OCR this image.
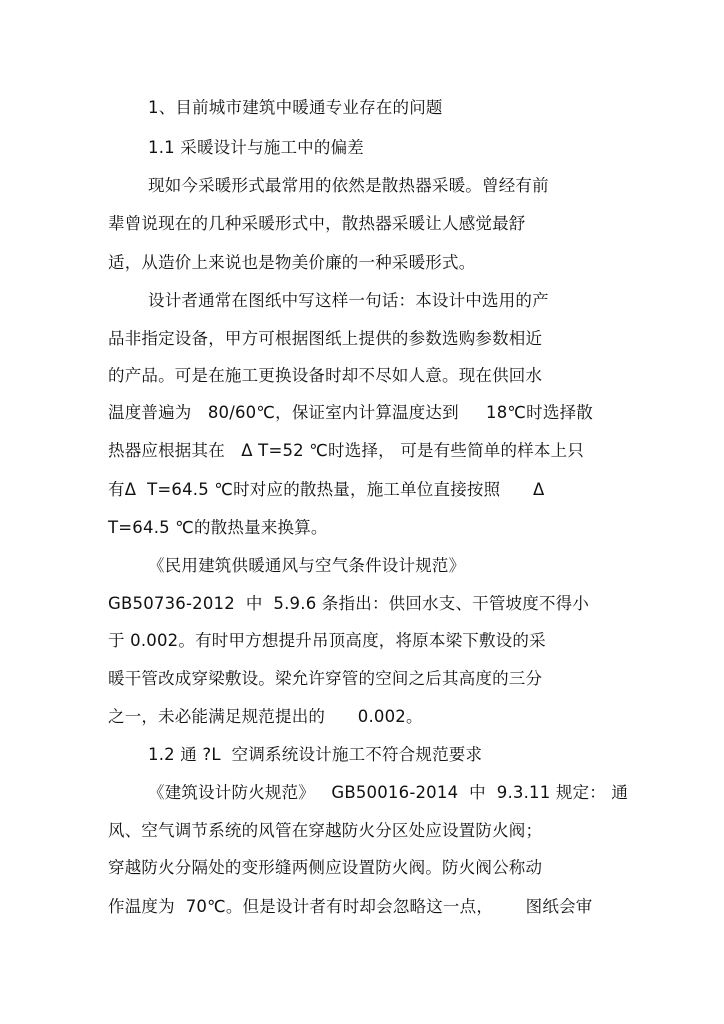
1、目前城市建筑中暖通专业存在的问题
1.1 采暖设计与施工中的偏差
现如今采暖形式最常用的依然是散热器采暖。曾经有前
辈曾说现在的几种采暖形式中，散热器采暖让人感觉最舒
适，从造价上来说也是物美价廉的一种采暖形式。
设计者通常在图纸中写这样一句话：本设计中选用的产
品非指定设备，甲方可根据图纸上提供的参数选购参数相近
的产品。可是在施工更换设备时却不尽如人意。现在供回水
温度普遍为   80/60℃，保证室内计算温度达到     18℃时选择散
热器应根据其在   Δ T=52 ℃时选择， 可是有些简单的样本上只
有Δ  T=64.5 ℃时对应的散热量，施工单位直接按照      Δ
T=64.5 ℃的散热量来换算。
《民用建筑供暖通风与空气条件设计规范》
GB50736-2012  中  5.9.6 条指出：供回水支、干管坡度不得小
于 0.002。有时甲方想提升吊顶高度，将原本梁下敷设的采
暖干管改成穿梁敷设。梁允许穿管的空间之后其高度的三分
之一，未必能满足规范提出的      0.002。
1.2 通 ?L  空调系统设计施工不符合规范要求
《建筑设计防火规范》   GB50016-2014  中  9.3.11 规定： 通
风、空气调节系统的风管在穿越防火分区处应设置防火阀；
穿越防火分隔处的变形缝两侧应设置防火阀。防火阀公称动
作温度为  70℃。但是设计者有时却会忽略这一点，      图纸会审
